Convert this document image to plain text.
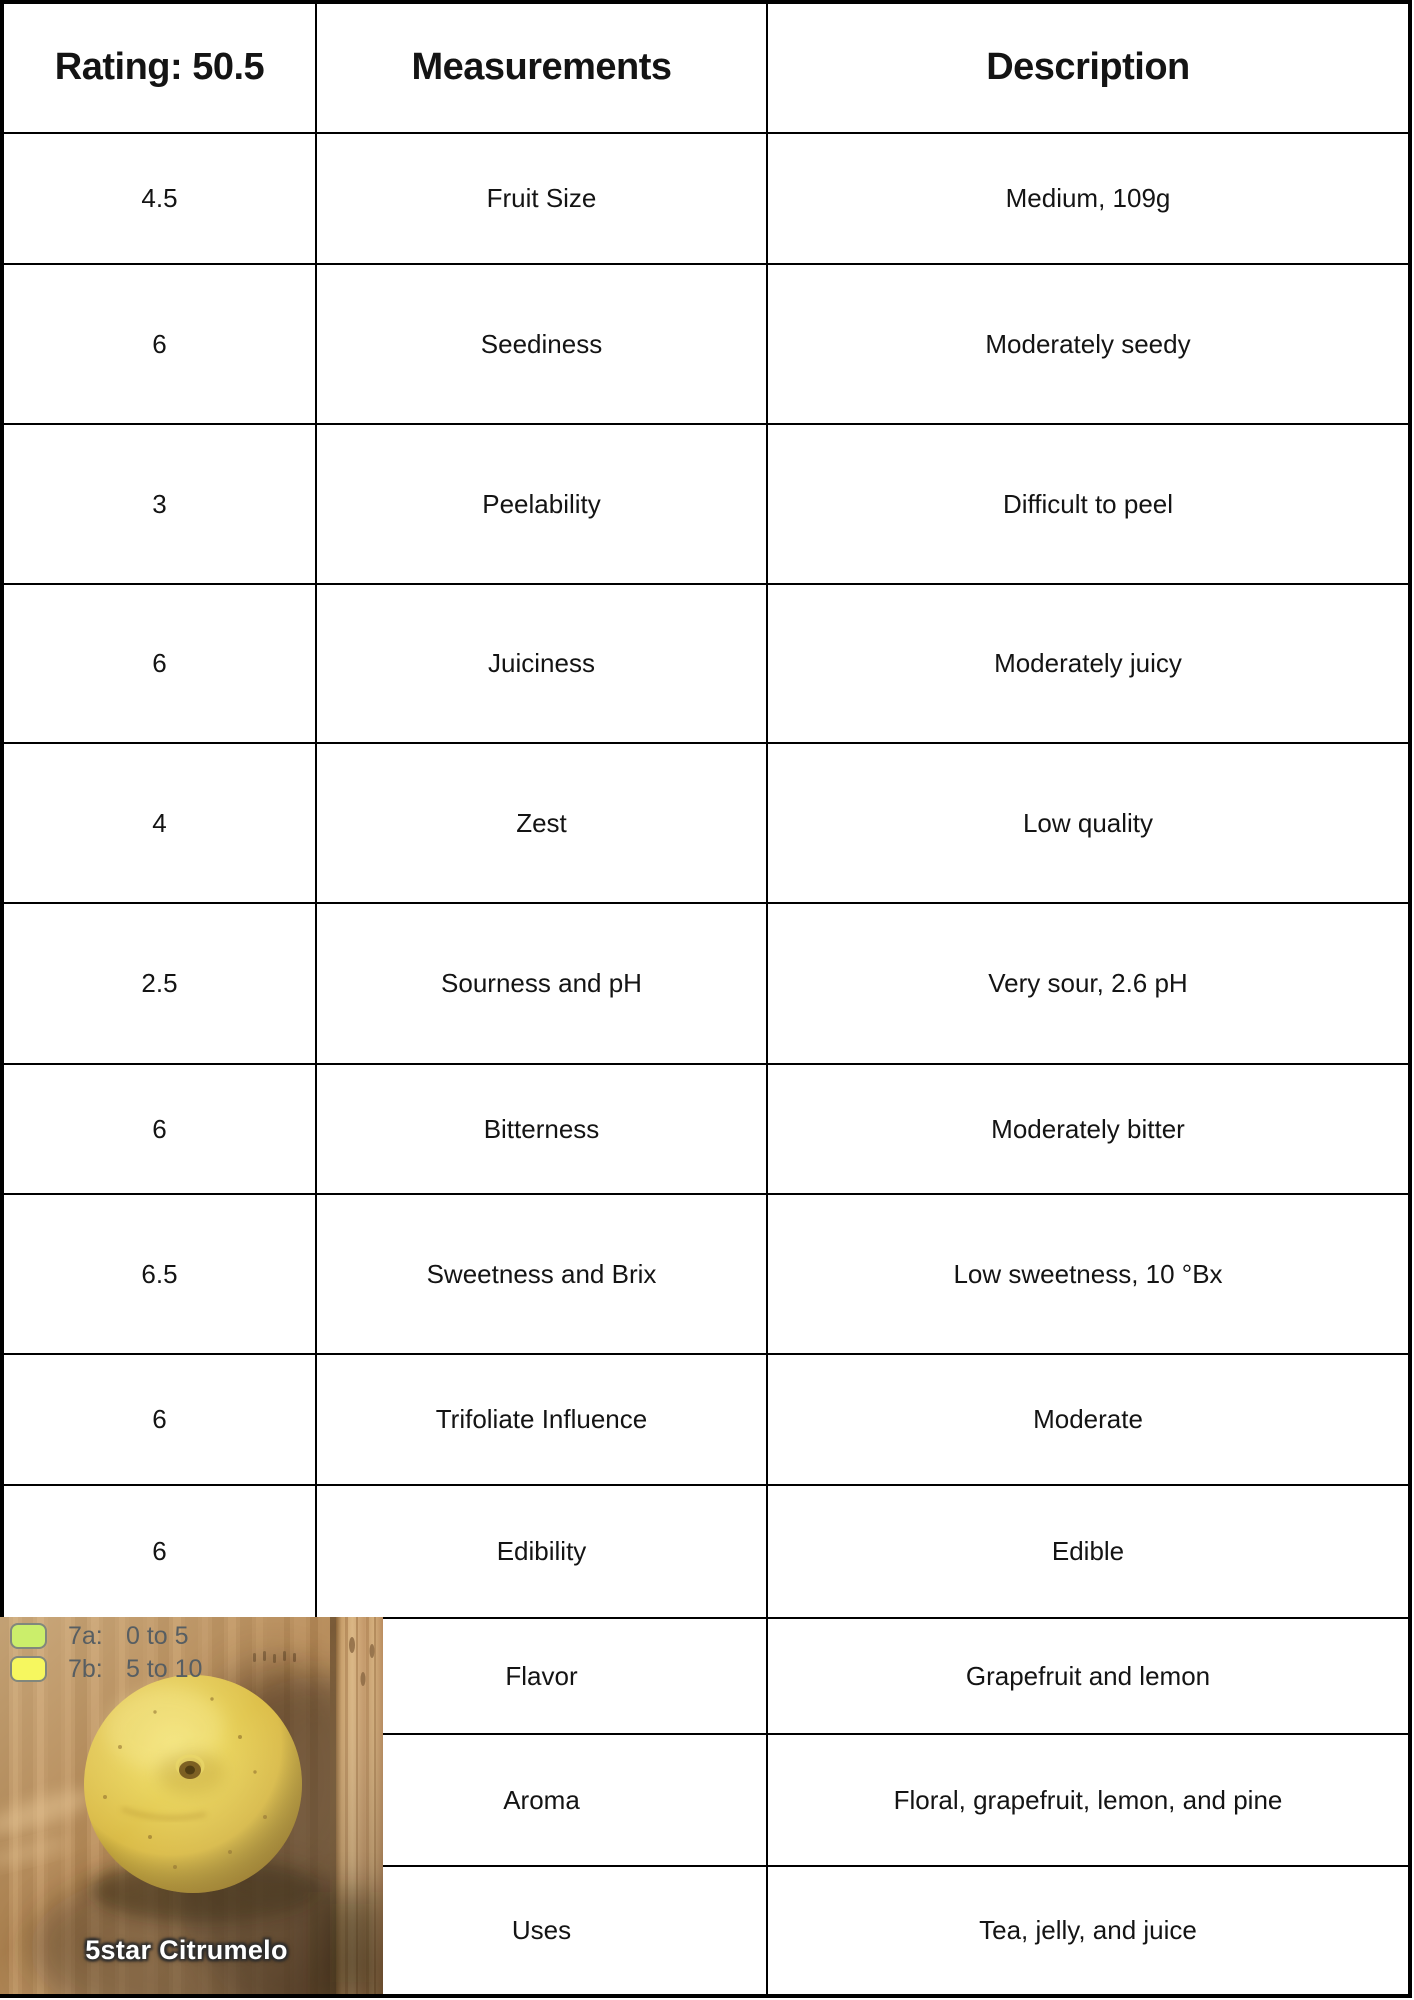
Rating: 50.5	Measurements	Description
4.5	Fruit Size	Medium, 109g
6	Seediness	Moderately seedy
3	Peelability	Difficult to peel
6	Juiciness	Moderately juicy
4	Zest	Low quality
2.5	Sourness and pH	Very sour, 2.6 pH
6	Bitterness	Moderately bitter
6.5	Sweetness and Brix	Low sweetness, 10 °Bx
6	Trifoliate Influence	Moderate
6	Edibility	Edible
Flavor	Grapefruit and lemon
Aroma	Floral, grapefruit, lemon, and pine
Uses	Tea, jelly, and juice
7a: 0 to 5
7b: 5 to 10
5star Citrumelo
